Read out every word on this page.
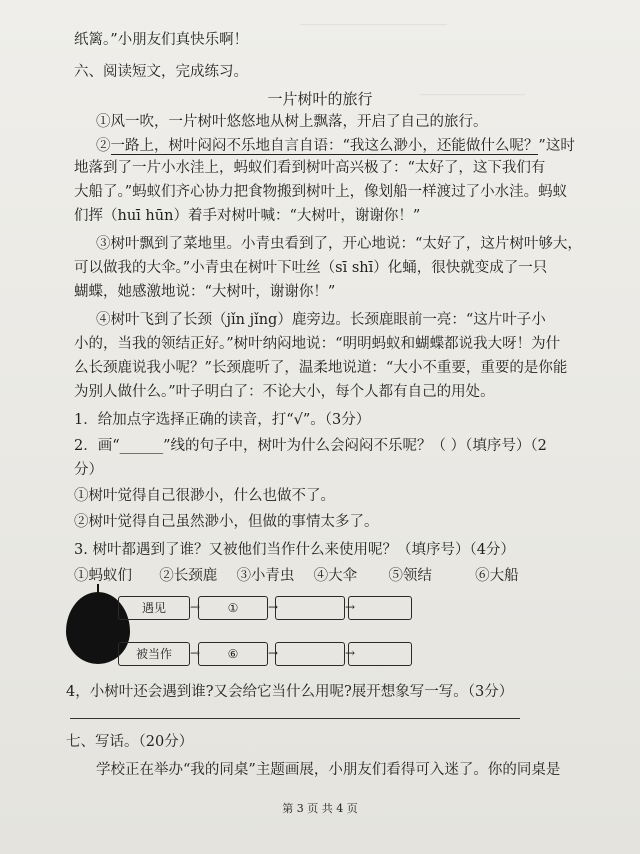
_____________________
_______________
纸篱。”小朋友们真快乐啊！
六、阅读短文，完成练习。
一片树叶的旅行
①风一吹，一片树叶悠悠地从树上飘落，开启了自己的旅行。
②一路上，树叶闷闷不乐地自言自语：“我这么渺小，还能做什么呢？”这时
地落到了一片小水洼上，蚂蚁们看到树叶高兴极了：“太好了，这下我们有
大船了。”蚂蚁们齐心协力把食物搬到树叶上，像划船一样渡过了小水洼。蚂蚁
们挥（huī hūn）着手对树叶喊：“大树叶，谢谢你！”
③树叶飘到了菜地里。小青虫看到了，开心地说：“太好了，这片树叶够大，
可以做我的大伞。”小青虫在树叶下吐丝（sī shī）化蛹，很快就变成了一只
蝴蝶，她感激地说：“大树叶，谢谢你！”
④树叶飞到了长颈（jǐn jǐng）鹿旁边。长颈鹿眼前一亮：“这片叶子小
小的，当我的领结正好。”树叶纳闷地说：“明明蚂蚁和蝴蝶都说我大呀！为什
么长颈鹿说我小呢？”长颈鹿听了，温柔地说道：“大小不重要，重要的是你能
为别人做什么。”叶子明白了：不论大小，每个人都有自己的用处。
1．给加点字选择正确的读音，打“√”。（3分）
2．画“______”线的句子中，树叶为什么会闷闷不乐呢？（ ）（填序号）（2
分）
①树叶觉得自己很渺小，什么也做不了。
②树叶觉得自己虽然渺小，但做的事情太多了。
3. 树叶都遇到了谁？又被他们当作什么来使用呢？（填序号）（4分）
①蚂蚁们 ②长颈鹿 ③小青虫 ④大伞 ⑤领结	⑥大船
遇见	→	①	→	→
被当作	→	⑥	→	→
4，小树叶还会遇到谁?又会给它当什么用呢?展开想象写一写。（3分）
七、写话。（20分）
学校正在举办“我的同桌”主题画展，小朋友们看得可入迷了。你的同桌是
第 3 页 共 4 页
